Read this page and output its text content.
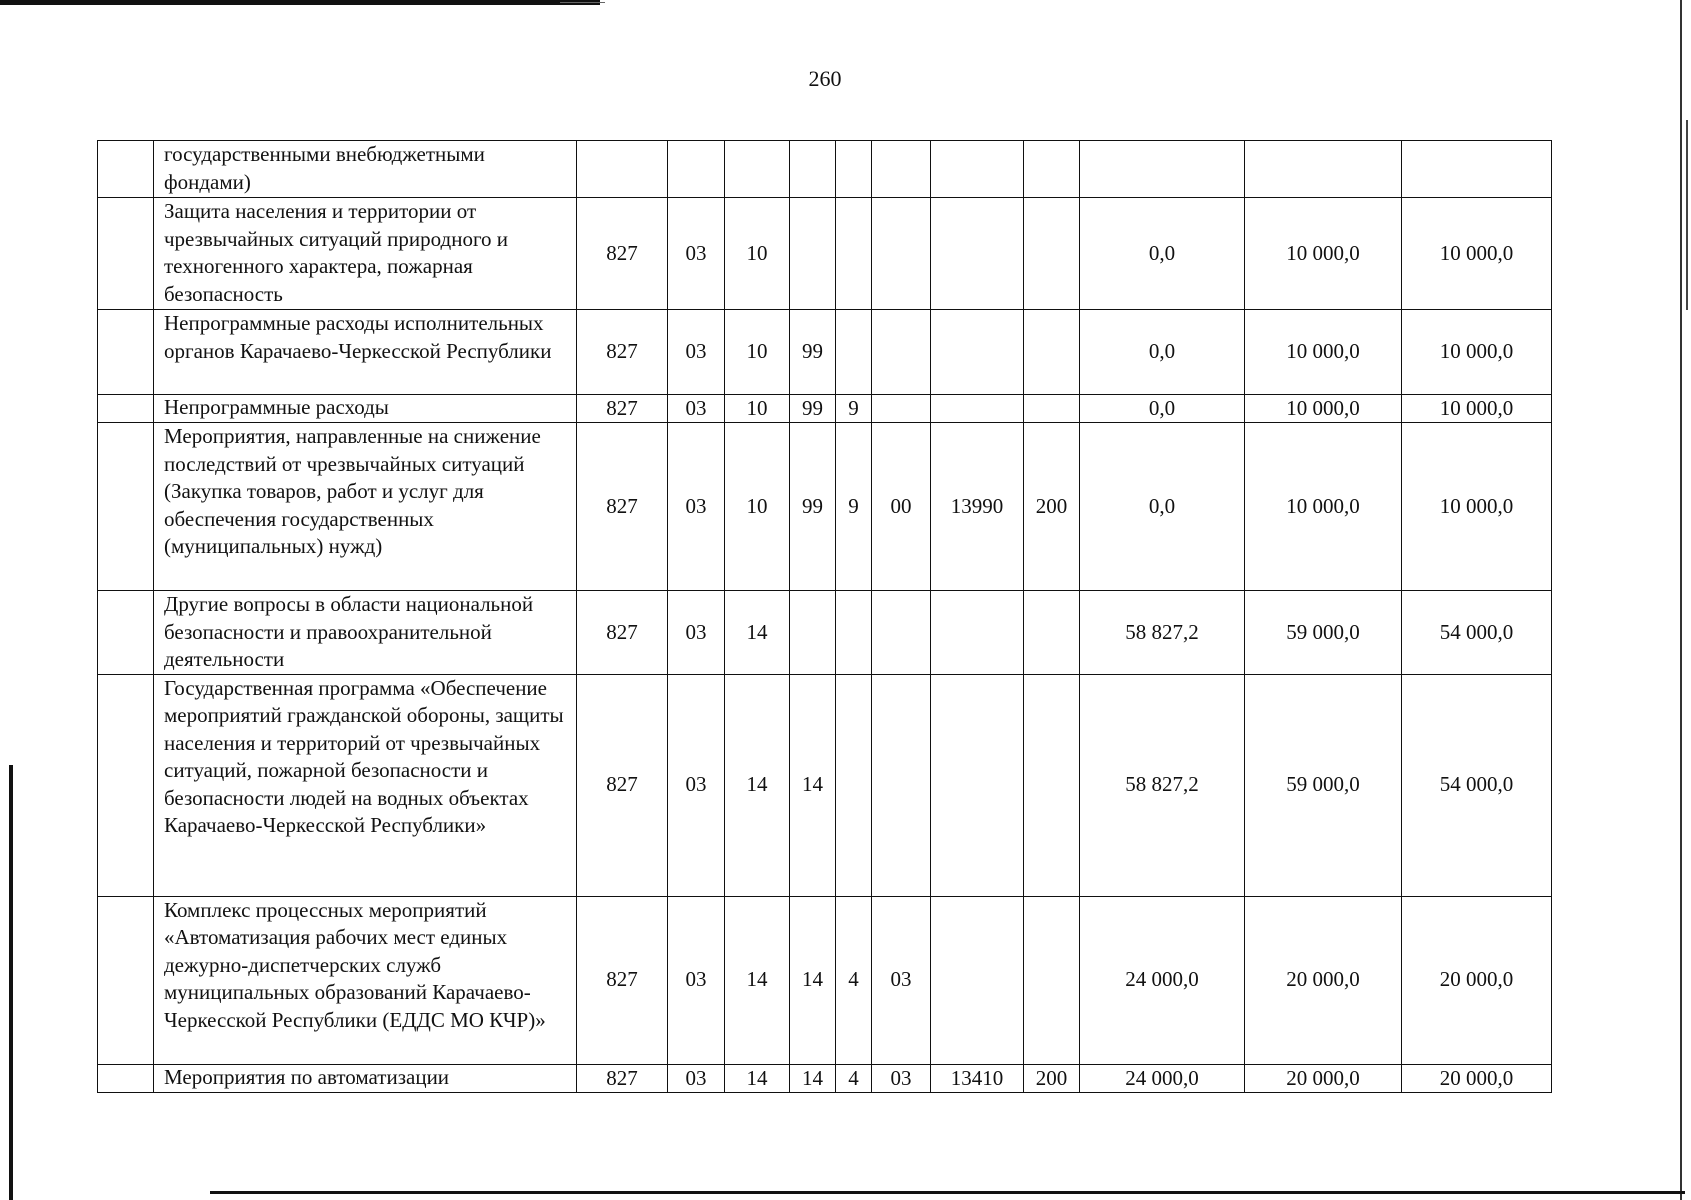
260
	государственными внебюджетными фондами)											
	Защита населения и территории от чрезвычайных ситуаций природного и техногенного характера, пожарная безопасность	827	03	10						0,0	10 000,0	10 000,0
	Непрограммные расходы исполнительных органов Карачаево-Черкесской Республики	827	03	10	99					0,0	10 000,0	10 000,0
	Непрограммные расходы	827	03	10	99	9				0,0	10 000,0	10 000,0
	Мероприятия, направленные на снижение последствий от чрезвычайных ситуаций (Закупка товаров, работ и услуг для обеспечения государственных (муниципальных) нужд)	827	03	10	99	9	00	13990	200	0,0	10 000,0	10 000,0
	Другие вопросы в области национальной безопасности и правоохранительной деятельности	827	03	14						58 827,2	59 000,0	54 000,0
	Государственная программа «Обеспечение мероприятий гражданской обороны, защиты населения и территорий от чрезвычайных ситуаций, пожарной безопасности и безопасности людей на водных объектах Карачаево-Черкесской Республики»	827	03	14	14					58 827,2	59 000,0	54 000,0
	Комплекс процессных мероприятий «Автоматизация рабочих мест единых дежурно-диспетчерских служб муниципальных образований Карачаево-Черкесской Республики (ЕДДС МО КЧР)»	827	03	14	14	4	03			24 000,0	20 000,0	20 000,0
	Мероприятия по автоматизации	827	03	14	14	4	03	13410	200	24 000,0	20 000,0	20 000,0
